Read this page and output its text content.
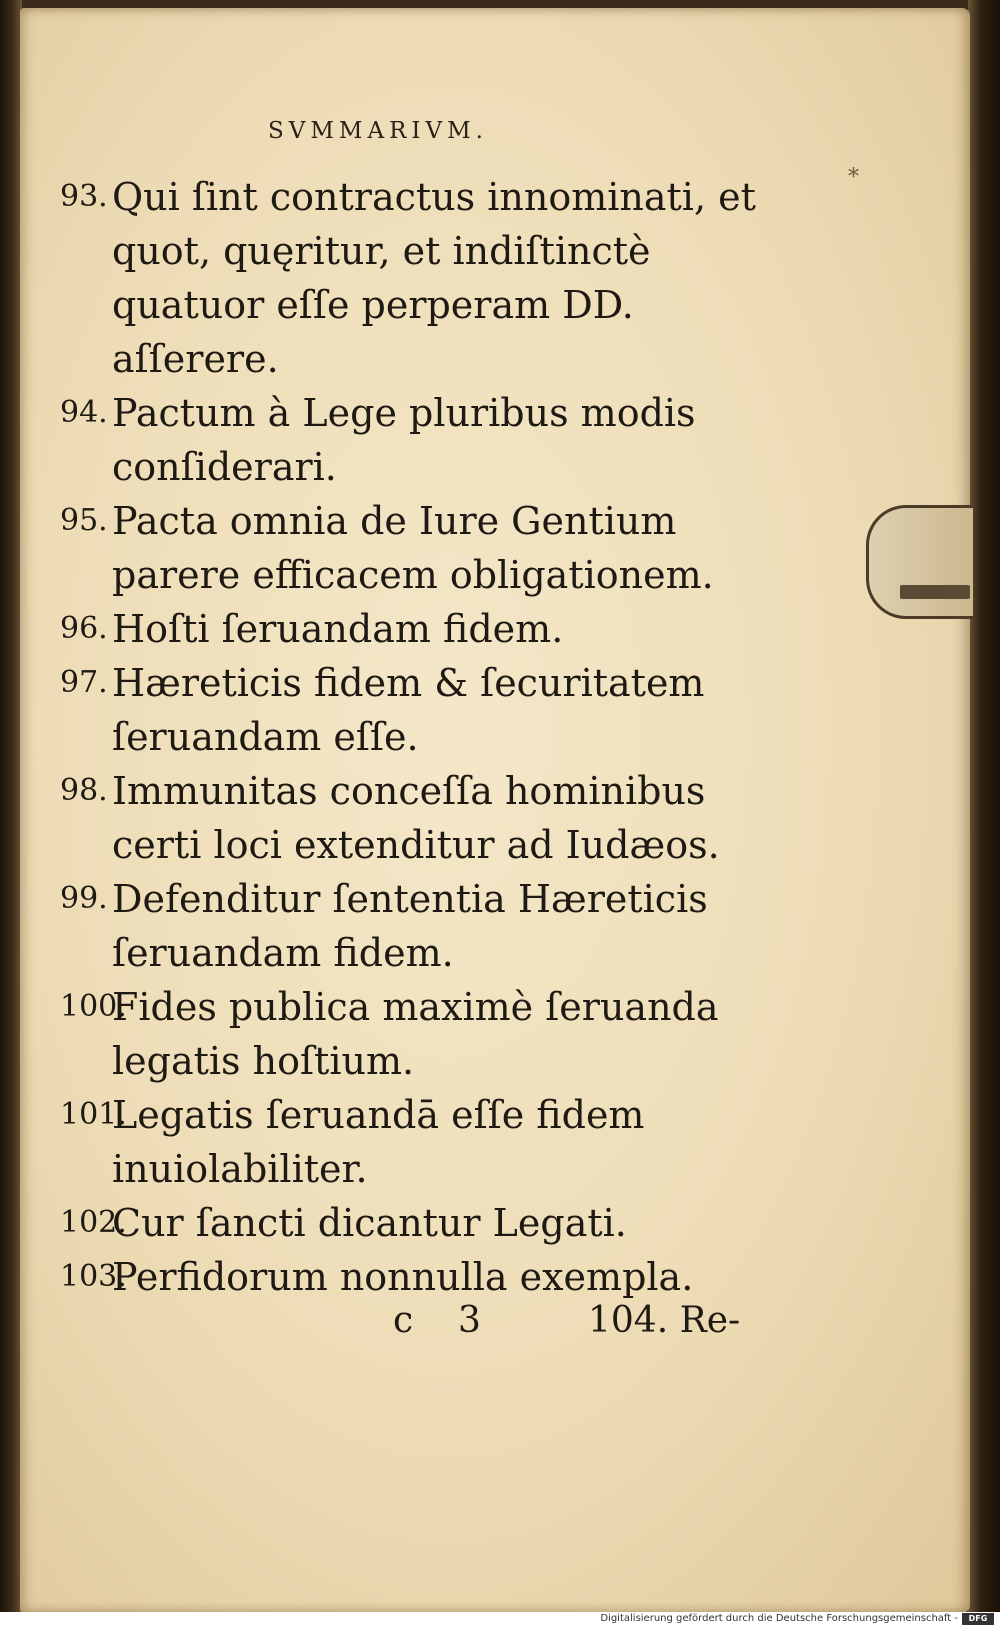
*
SVMMARIVM.
93. Qui ſint contractus innominati, et quot, quęritur, et indiſtinctè quatuor eſſe perperam DD. aſſerere.
94. Pactum à Lege pluribus modis conſiderari.
95. Pacta omnia de Iure Gentium parere efficacem obligationem.
96. Hoſti ſeruandam fidem.
97. Hæreticis fidem & ſecuritatem ſeruandam eſſe.
98. Immunitas conceſſa hominibus certi loci extenditur ad Iudæos.
99. Defenditur ſententia Hæreticis ſeruandam fidem.
100.
Fides publica maximè ſeruanda legatis hoſtium.
101.
Legatis ſeruandā eſſe fidem inuiolabiliter.
102.
Cur ſancti dicantur Legati.
103.
Perfidorum nonnulla exempla.
c 3	104. Re-
Digitalisierung gefördert durch die Deutsche Forschungsgemeinschaft -	DFG
